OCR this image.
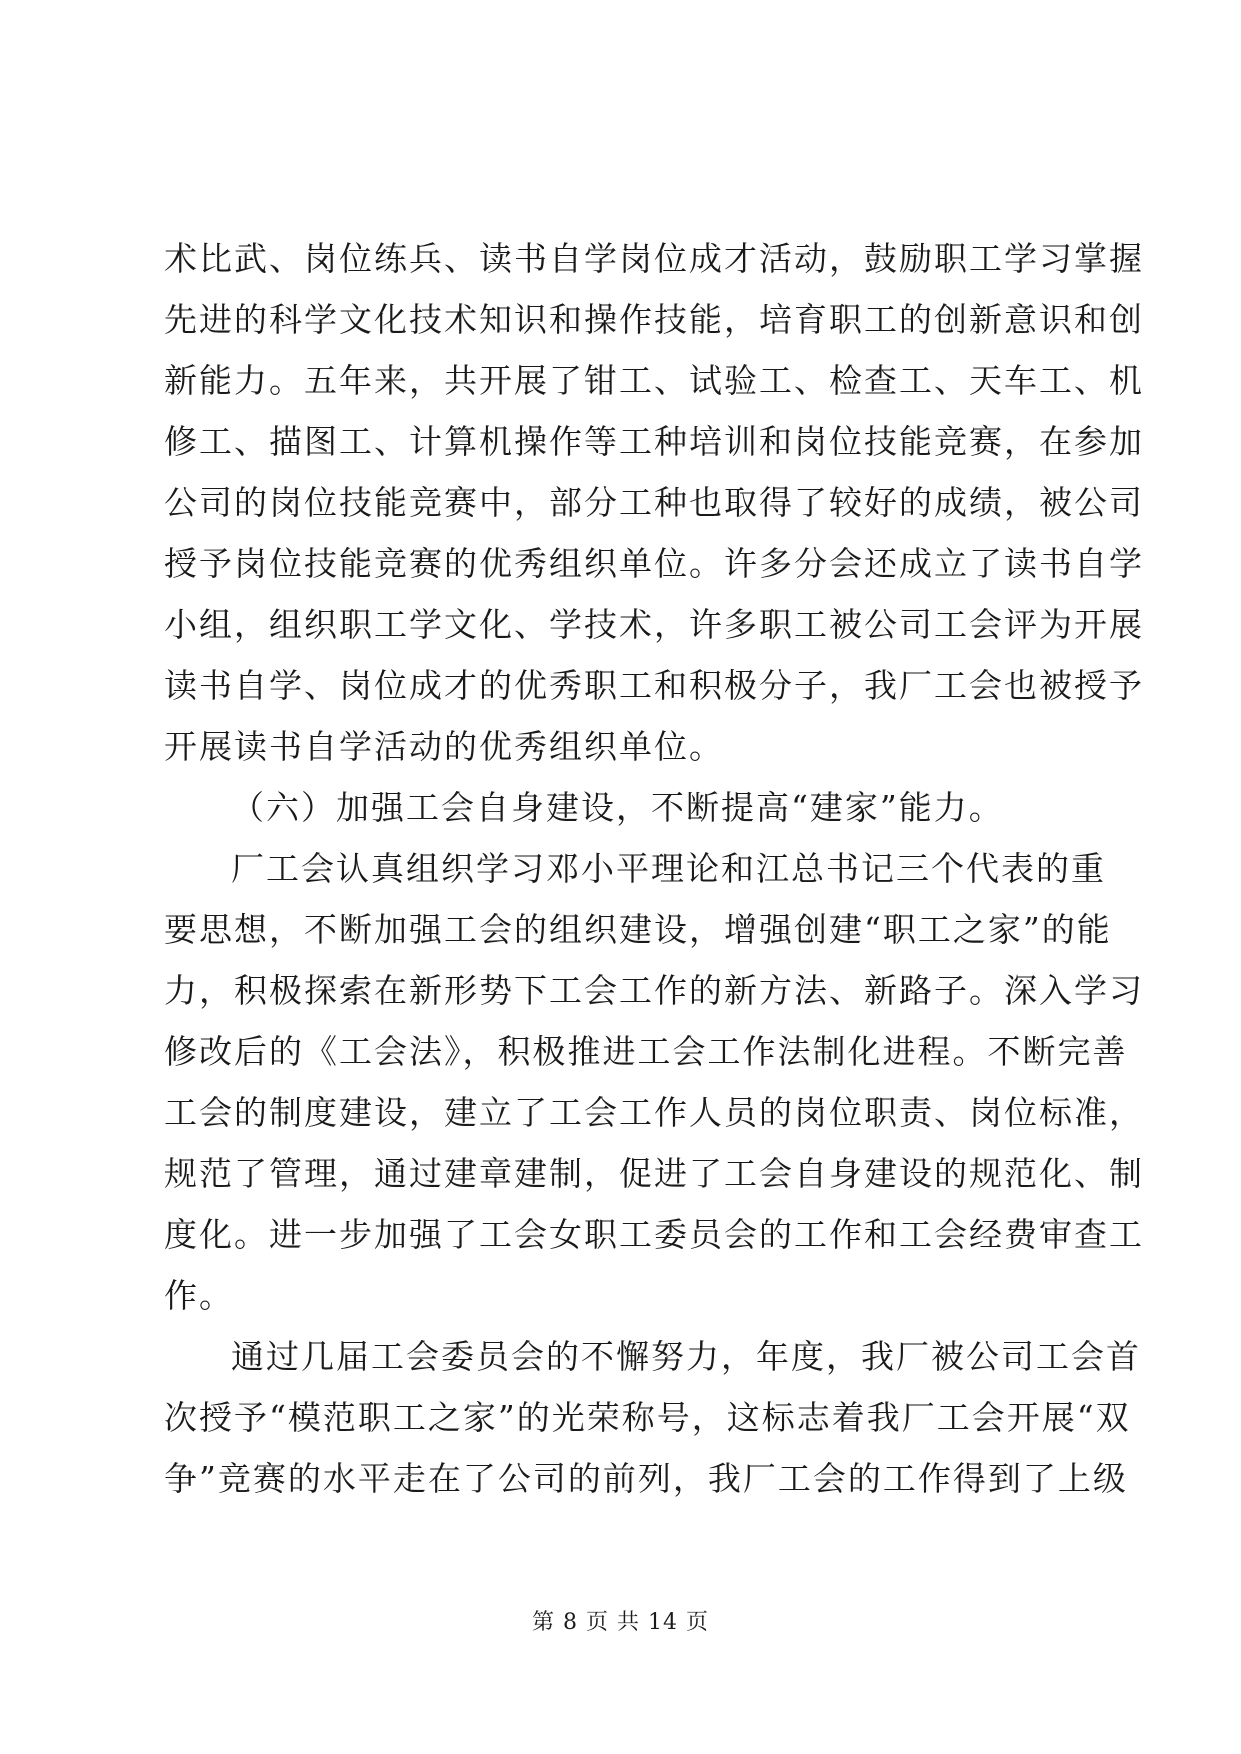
术比武、岗位练兵、读书自学岗位成才活动，鼓励职工学习掌握
先进的科学文化技术知识和操作技能，培育职工的创新意识和创
新能力。五年来，共开展了钳工、试验工、检查工、天车工、机
修工、描图工、计算机操作等工种培训和岗位技能竞赛，在参加
公司的岗位技能竞赛中，部分工种也取得了较好的成绩，被公司
授予岗位技能竞赛的优秀组织单位。许多分会还成立了读书自学
小组，组织职工学文化、学技术，许多职工被公司工会评为开展
读书自学、岗位成才的优秀职工和积极分子，我厂工会也被授予
开展读书自学活动的优秀组织单位。
（六）加强工会自身建设，不断提高“建家”能力。
厂工会认真组织学习邓小平理论和江总书记三个代表的重
要思想，不断加强工会的组织建设，增强创建“职工之家”的能
力，积极探索在新形势下工会工作的新方法、新路子。深入学习
修改后的《工会法》，积极推进工会工作法制化进程。不断完善
工会的制度建设，建立了工会工作人员的岗位职责、岗位标准，
规范了管理，通过建章建制，促进了工会自身建设的规范化、制
度化。进一步加强了工会女职工委员会的工作和工会经费审查工
作。
通过几届工会委员会的不懈努力，年度，我厂被公司工会首
次授予“模范职工之家”的光荣称号，这标志着我厂工会开展“双
争”竞赛的水平走在了公司的前列，我厂工会的工作得到了上级
第 8 页 共 14 页
